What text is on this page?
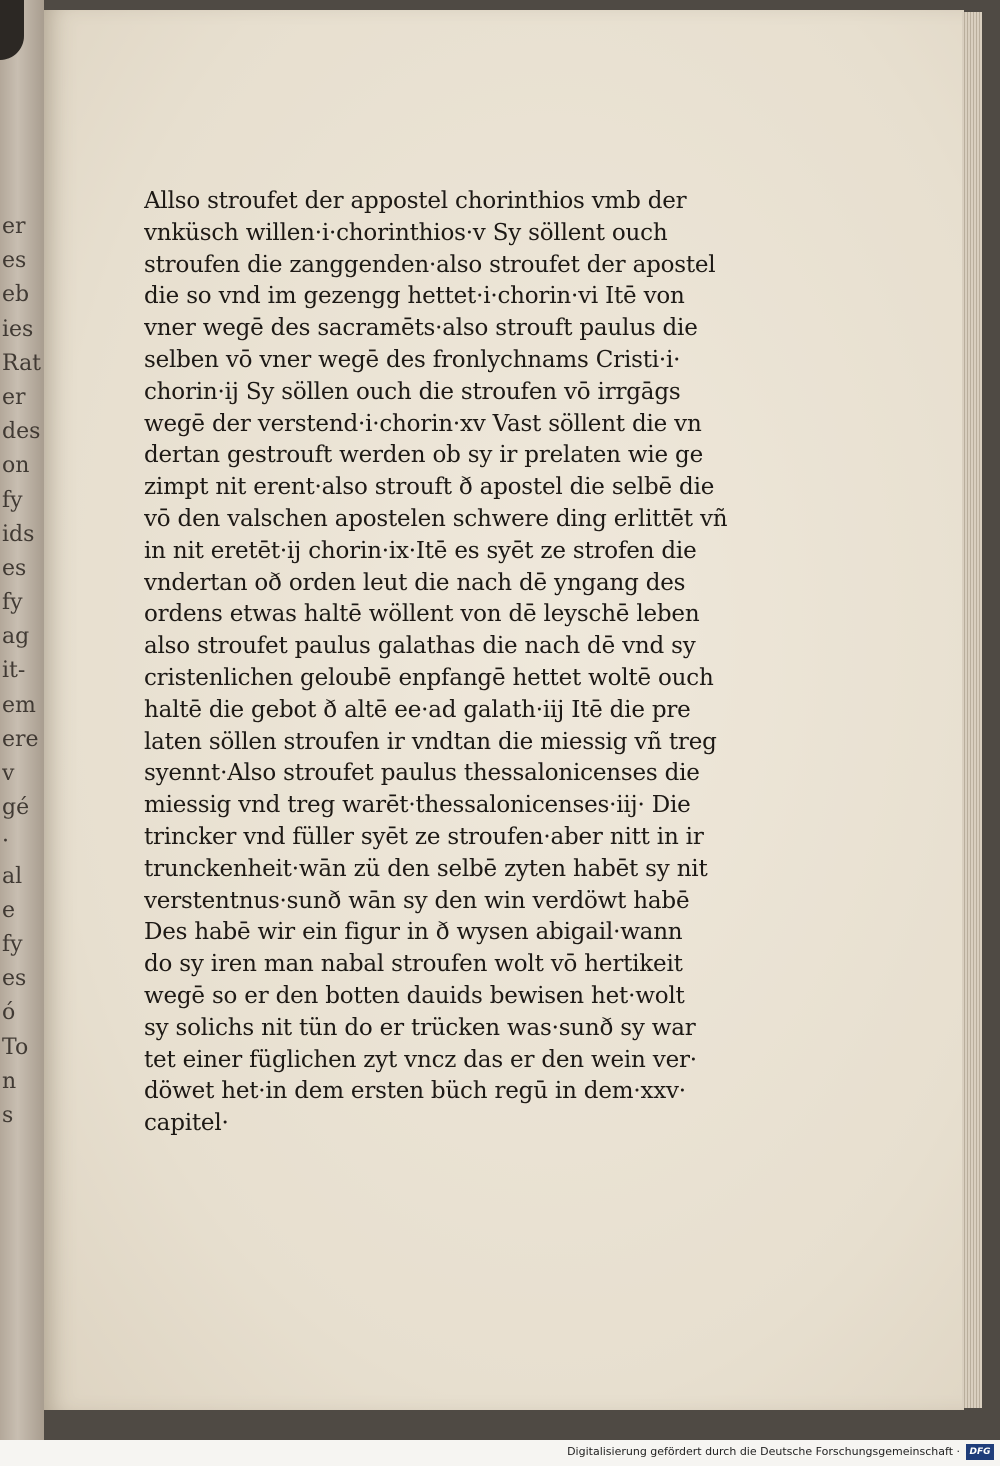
er
es
eb
ies
Rat
er
des
on
fy
ids
es
fy
ag
it-
em
ere
v
gé
·
al
e
fy
es
ó
To
n
s
Allso stroufet der appostel chorinthios vmb der
vnküsch willen·i·chorinthios·v Sy söllent ouch
stroufen die zanggenden·also stroufet der apostel
die so vnd im gezengg hettet·i·chorin·vi Itē von
vner wegē des sacramēts·also strouft paulus die
selben vō vner wegē des fronlychnams Cristi·i·
chorin·ij Sy söllen ouch die stroufen vō irrgāgs
wegē der verstend·i·chorin·xv Vast söllent die vn
dertan gestrouft werden ob sy ir prelaten wie ge
zimpt nit erent·also strouft ð apostel die selbē die
vō den valschen apostelen schwere ding erlittēt vñ
in nit eretēt·ij chorin·ix·Itē es syēt ze strofen die
vndertan oð orden leut die nach dē yngang des
ordens etwas haltē wöllent von dē leyschē leben
also stroufet paulus galathas die nach dē vnd sy
cristenlichen geloubē enpfangē hettet woltē ouch
haltē die gebot ð altē ee·ad galath·iij Itē die pre
laten söllen stroufen ir vndtan die miessig vñ treg
syennt·Also stroufet paulus thessalonicenses die
miessig vnd treg warēt·thessalonicenses·iij· Die
trincker vnd füller syēt ze stroufen·aber nitt in ir
trunckenheit·wān zü den selbē zyten habēt sy nit
verstentnus·sunð wān sy den win verdöwt habē
Des habē wir ein figur in ð wysen abigail·wann
do sy iren man nabal stroufen wolt vō hertikeit
wegē so er den botten dauids bewisen het·wolt
sy solichs nit tün do er trücken was·sunð sy war
tet einer füglichen zyt vncz das er den wein ver·
döwet het·in dem ersten büch regū in dem·xxv·
capitel·
Digitalisierung gefördert durch die Deutsche Forschungsgemeinschaft ·	DFG
